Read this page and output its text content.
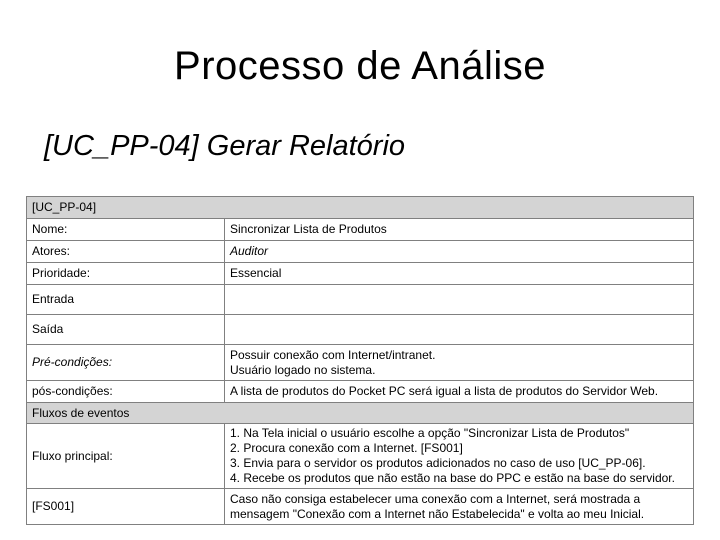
Processo de Análise
[UC_PP-04] Gerar Relatório
[UC_PP-04]	
Nome:	Sincronizar Lista de Produtos
Atores:	Auditor
Prioridade:	Essencial
Entrada	
Saída	
Pré-condições:	Possuir conexão com Internet/intranet.
Usuário logado no sistema.

pós-condições:	A lista de produtos do Pocket PC será igual a lista de produtos do Servidor Web.
Fluxos de eventos	
Fluxo principal:	1. Na Tela inicial o usuário escolhe a opção "Sincronizar Lista de Produtos"
2. Procura conexão com a Internet. [FS001]
3. Envia para o servidor os produtos adicionados no caso de uso [UC_PP-06].
4. Recebe os produtos que não estão na base do PPC e estão na base do servidor.

[FS001]	Caso não consiga estabelecer uma conexão com a Internet, será mostrada a
mensagem "Conexão com a Internet não Estabelecida" e volta ao meu Inicial.
